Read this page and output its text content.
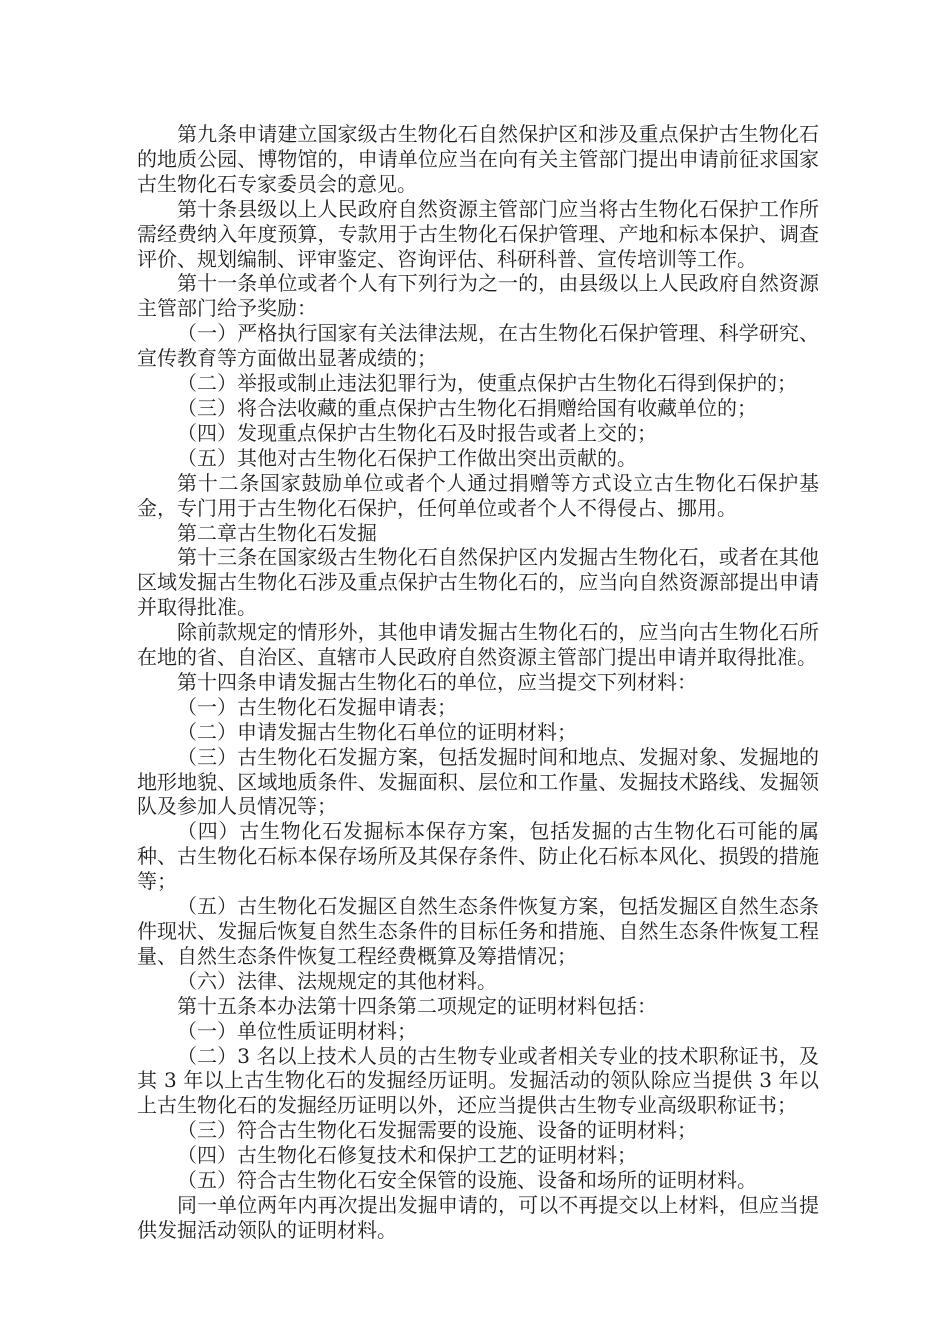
第九条申请建立国家级古生物化石自然保护区和涉及重点保护古生物化石的地质公园、博物馆的，申请单位应当在向有关主管部门提出申请前征求国家古生物化石专家委员会的意见。

第十条县级以上人民政府自然资源主管部门应当将古生物化石保护工作所需经费纳入年度预算，专款用于古生物化石保护管理、产地和标本保护、调查评价、规划编制、评审鉴定、咨询评估、科研科普、宣传培训等工作。

第十一条单位或者个人有下列行为之一的，由县级以上人民政府自然资源主管部门给予奖励：

（一）严格执行国家有关法律法规，在古生物化石保护管理、科学研究、宣传教育等方面做出显著成绩的；

（二）举报或制止违法犯罪行为，使重点保护古生物化石得到保护的；

（三）将合法收藏的重点保护古生物化石捐赠给国有收藏单位的；

（四）发现重点保护古生物化石及时报告或者上交的；

（五）其他对古生物化石保护工作做出突出贡献的。

第十二条国家鼓励单位或者个人通过捐赠等方式设立古生物化石保护基金，专门用于古生物化石保护，任何单位或者个人不得侵占、挪用。

第二章古生物化石发掘

第十三条在国家级古生物化石自然保护区内发掘古生物化石，或者在其他区域发掘古生物化石涉及重点保护古生物化石的，应当向自然资源部提出申请并取得批准。

除前款规定的情形外，其他申请发掘古生物化石的，应当向古生物化石所在地的省、自治区、直辖市人民政府自然资源主管部门提出申请并取得批准。

第十四条申请发掘古生物化石的单位，应当提交下列材料：

（一）古生物化石发掘申请表；

（二）申请发掘古生物化石单位的证明材料；

（三）古生物化石发掘方案，包括发掘时间和地点、发掘对象、发掘地的地形地貌、区域地质条件、发掘面积、层位和工作量、发掘技术路线、发掘领队及参加人员情况等；

（四）古生物化石发掘标本保存方案，包括发掘的古生物化石可能的属种、古生物化石标本保存场所及其保存条件、防止化石标本风化、损毁的措施等；

（五）古生物化石发掘区自然生态条件恢复方案，包括发掘区自然生态条件现状、发掘后恢复自然生态条件的目标任务和措施、自然生态条件恢复工程量、自然生态条件恢复工程经费概算及筹措情况；

（六）法律、法规规定的其他材料。

第十五条本办法第十四条第二项规定的证明材料包括：

（一）单位性质证明材料；

（二）3 名以上技术人员的古生物专业或者相关专业的技术职称证书，及其 3 年以上古生物化石的发掘经历证明。发掘活动的领队除应当提供 3 年以上古生物化石的发掘经历证明以外，还应当提供古生物专业高级职称证书；

（三）符合古生物化石发掘需要的设施、设备的证明材料；

（四）古生物化石修复技术和保护工艺的证明材料；

（五）符合古生物化石安全保管的设施、设备和场所的证明材料。

同一单位两年内再次提出发掘申请的，可以不再提交以上材料，但应当提供发掘活动领队的证明材料。
